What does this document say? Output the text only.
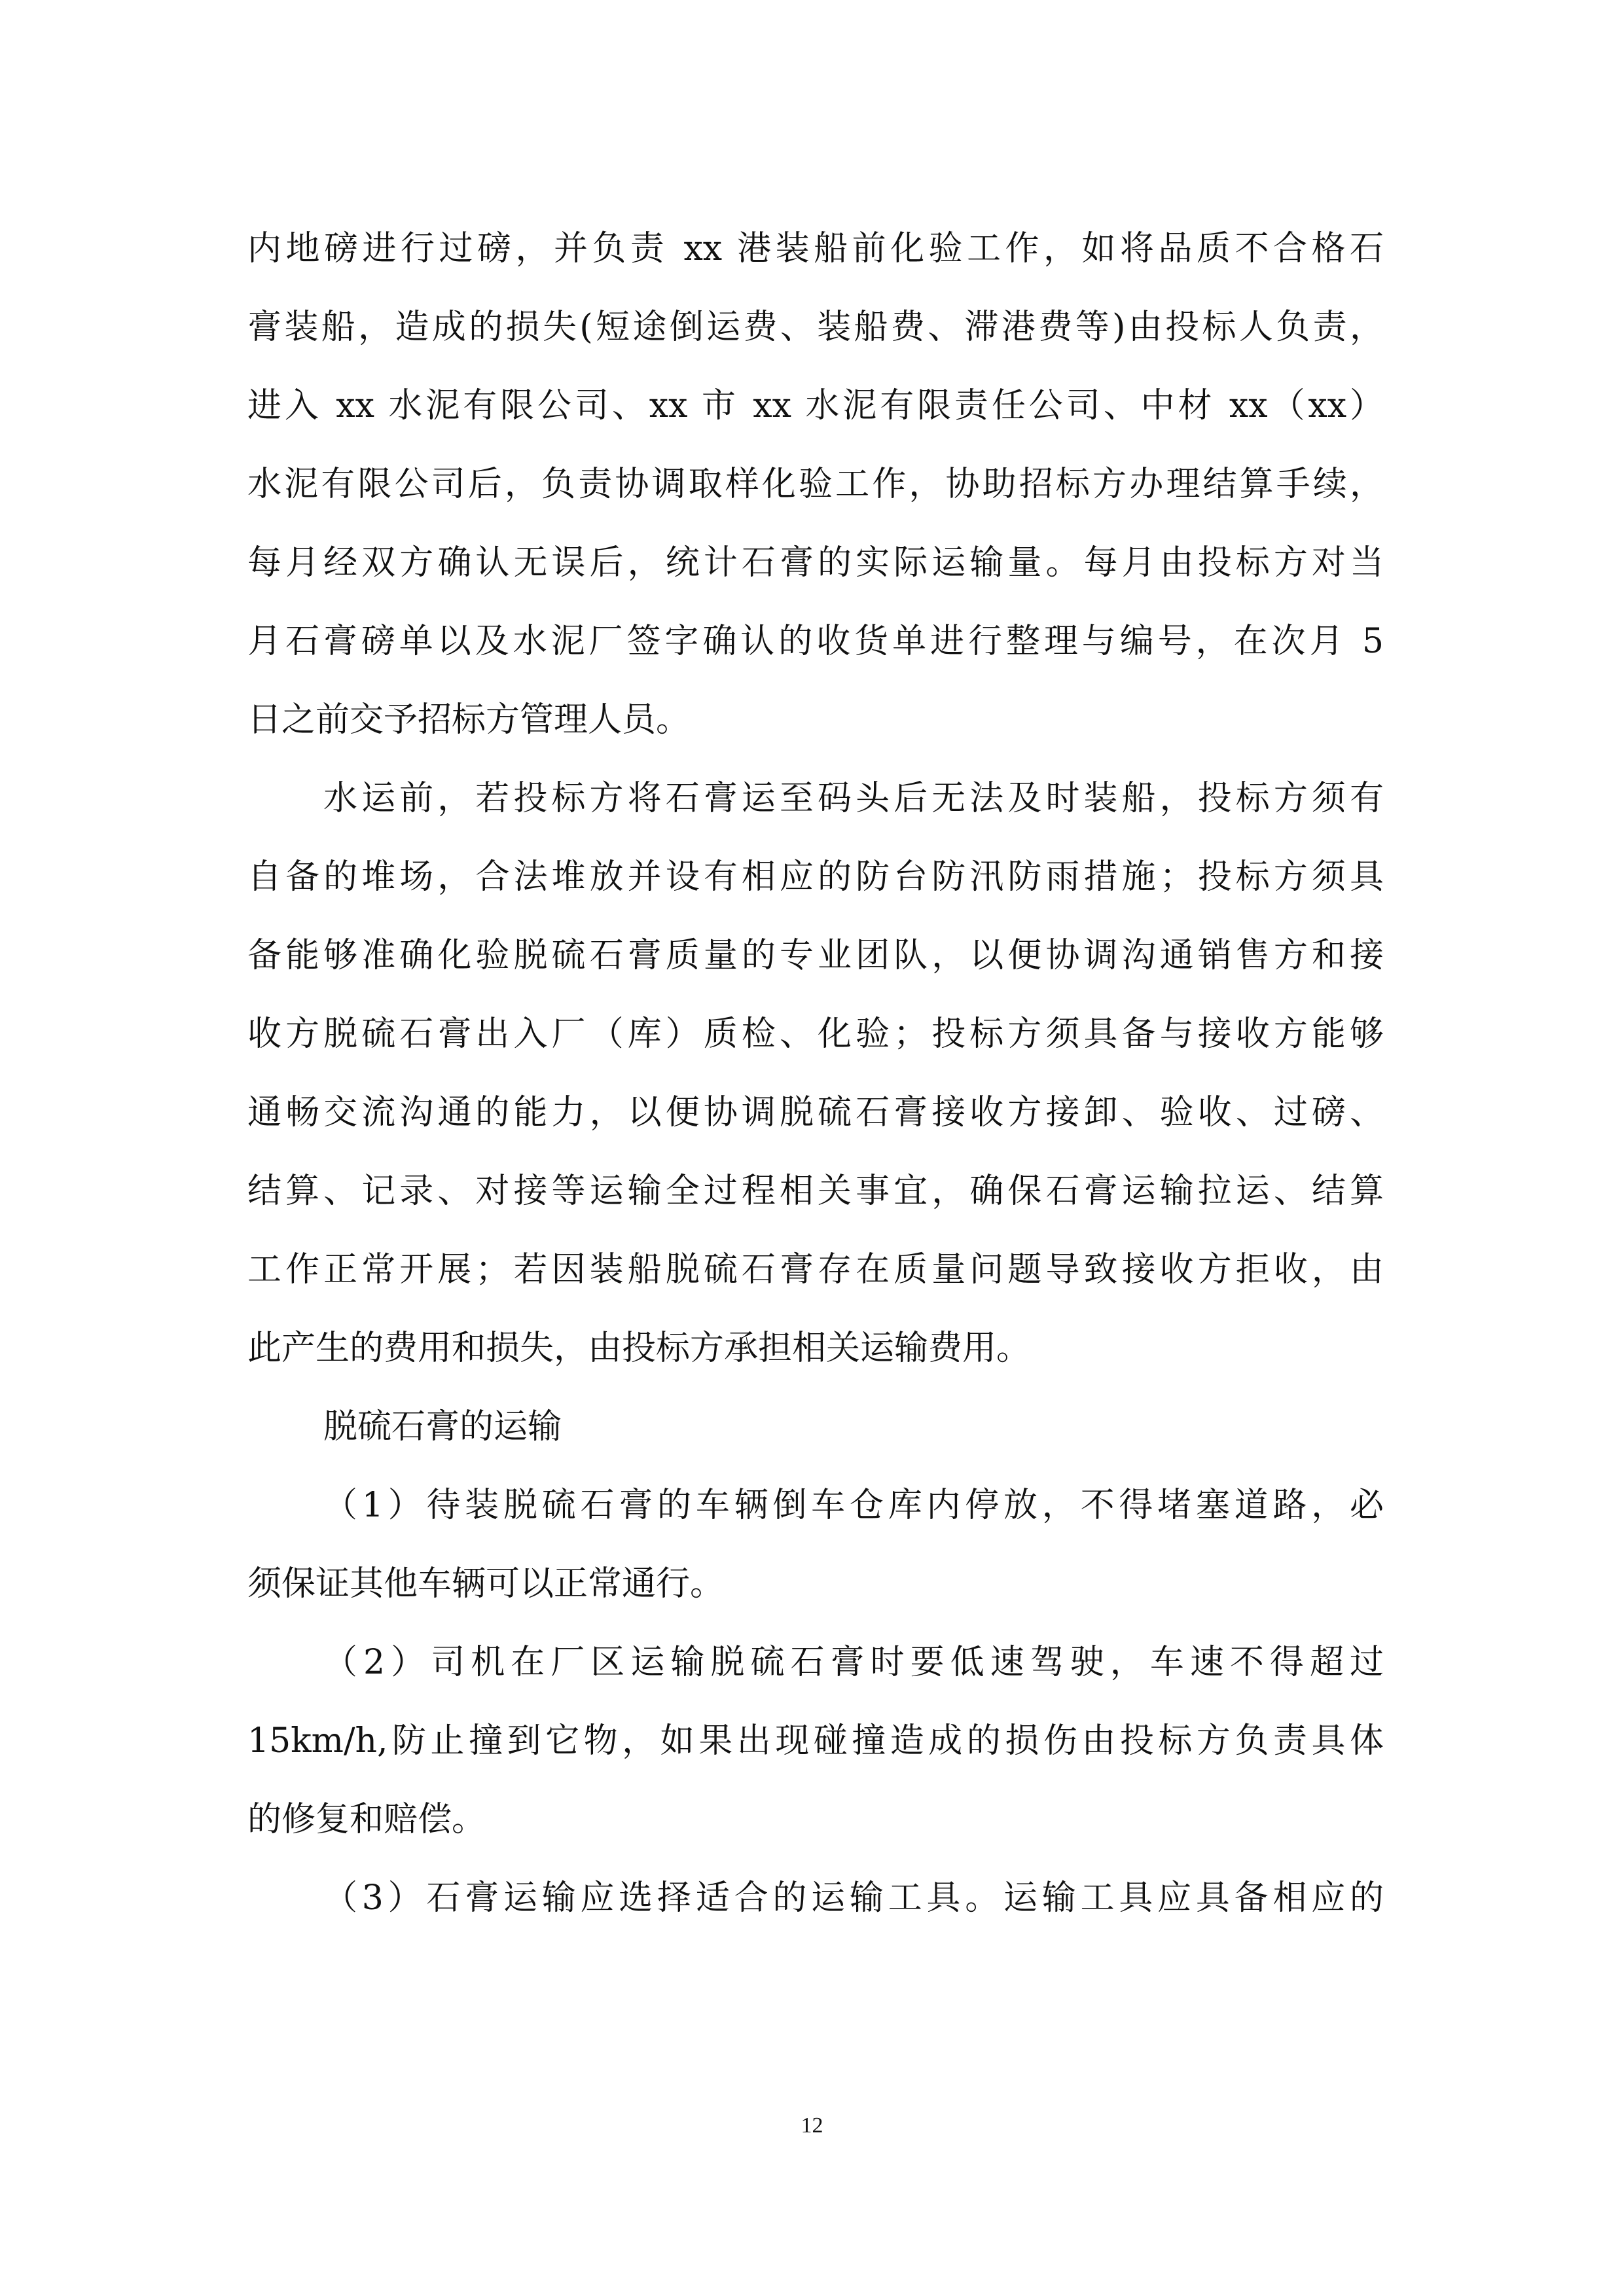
内地磅进行过磅，并负责 xx 港装船前化验工作，如将品质不合格石
膏装船，造成的损失(短途倒运费、装船费、滞港费等)由投标人负责，
进入 xx 水泥有限公司、xx 市 xx 水泥有限责任公司、中材 xx（xx）
水泥有限公司后，负责协调取样化验工作，协助招标方办理结算手续，
每月经双方确认无误后，统计石膏的实际运输量。每月由投标方对当
月石膏磅单以及水泥厂签字确认的收货单进行整理与编号，在次月 5
日之前交予招标方管理人员。
水运前，若投标方将石膏运至码头后无法及时装船，投标方须有
自备的堆场，合法堆放并设有相应的防台防汛防雨措施；投标方须具
备能够准确化验脱硫石膏质量的专业团队，以便协调沟通销售方和接
收方脱硫石膏出入厂（库）质检、化验；投标方须具备与接收方能够
通畅交流沟通的能力，以便协调脱硫石膏接收方接卸、验收、过磅、
结算、记录、对接等运输全过程相关事宜，确保石膏运输拉运、结算
工作正常开展；若因装船脱硫石膏存在质量问题导致接收方拒收，由
此产生的费用和损失，由投标方承担相关运输费用。
脱硫石膏的运输
（1）待装脱硫石膏的车辆倒车仓库内停放，不得堵塞道路，必
须保证其他车辆可以正常通行。
（2）司机在厂区运输脱硫石膏时要低速驾驶，车速不得超过
15km/h,防止撞到它物，如果出现碰撞造成的损伤由投标方负责具体
的修复和赔偿。
（3）石膏运输应选择适合的运输工具。运输工具应具备相应的
12
